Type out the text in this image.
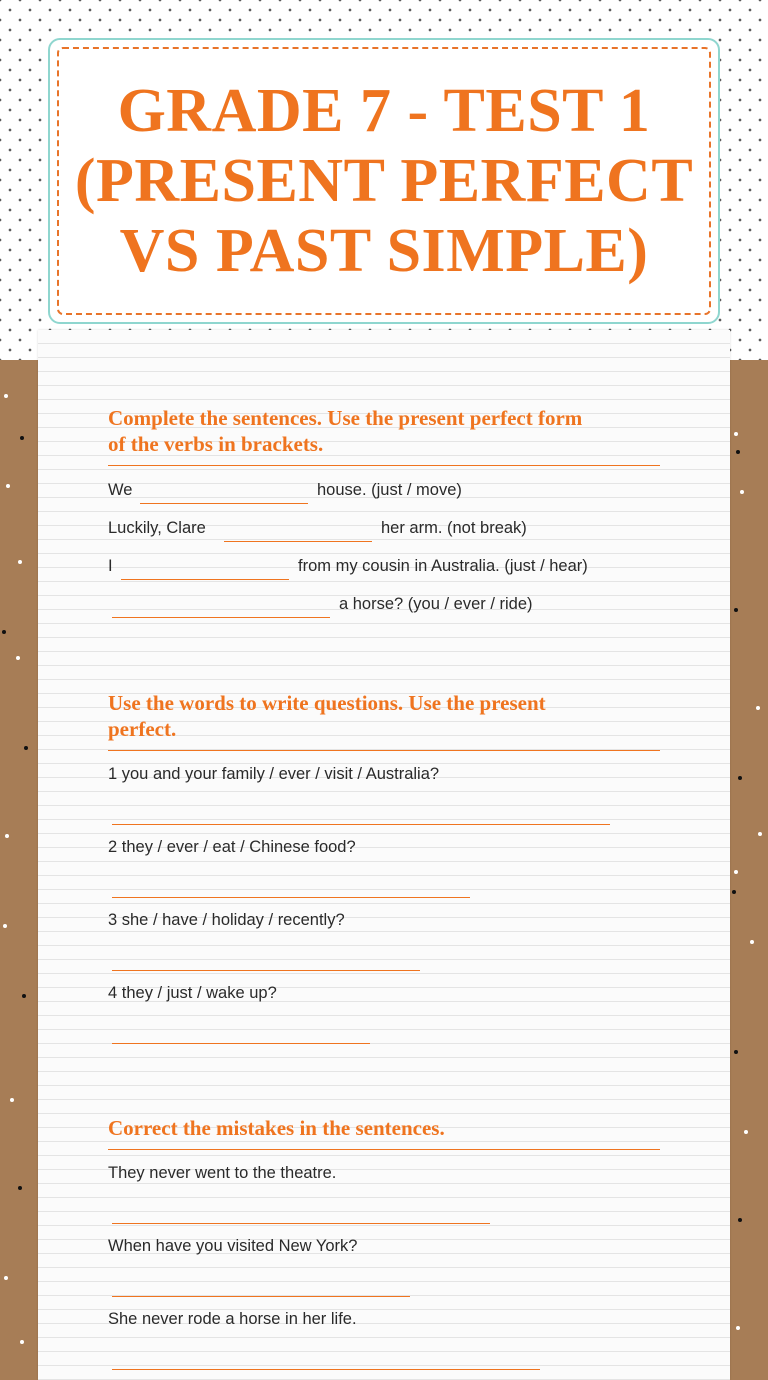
GRADE 7 - TEST 1
(PRESENT PERFECT
VS PAST SIMPLE)
Complete the sentences. Use the present perfect form
of the verbs in brackets.
We	house. (just / move)
Luckily, Clare	her arm. (not break)
I	from my cousin in Australia. (just / hear)
a horse? (you / ever / ride)
Use the words to write questions. Use the present
perfect.
1 you and your family / ever / visit / Australia?
2 they / ever / eat / Chinese food?
3 she / have / holiday / recently?
4 they / just / wake up?
Correct the mistakes in the sentences.
They never went to the theatre.
When have you visited New York?
She never rode a horse in her life.
